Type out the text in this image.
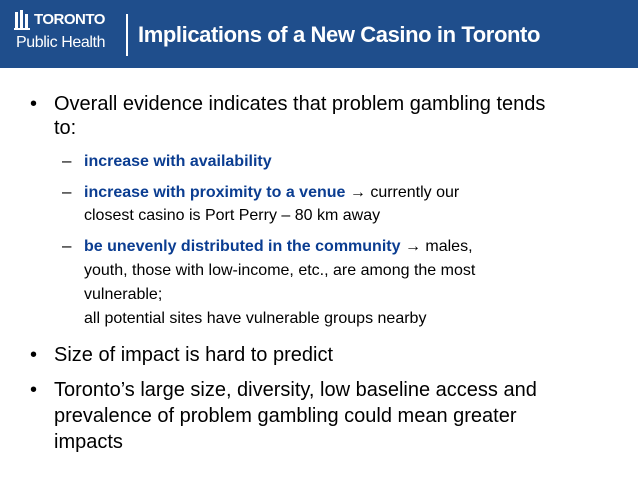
TORONTO
Public Health Implications of a New Casino in Toronto
• Overall evidence indicates that problem gambling tends
to:
– increase with availability
– increase with proximity to a venue → currently our
closest casino is Port Perry – 80 km away
– be unevenly distributed in the community → males,
youth, those with low-income, etc., are among the most
vulnerable;
all potential sites have vulnerable groups nearby
• Size of impact is hard to predict
• Toronto’s large size, diversity, low baseline access and
prevalence of problem gambling could mean greater
impacts
